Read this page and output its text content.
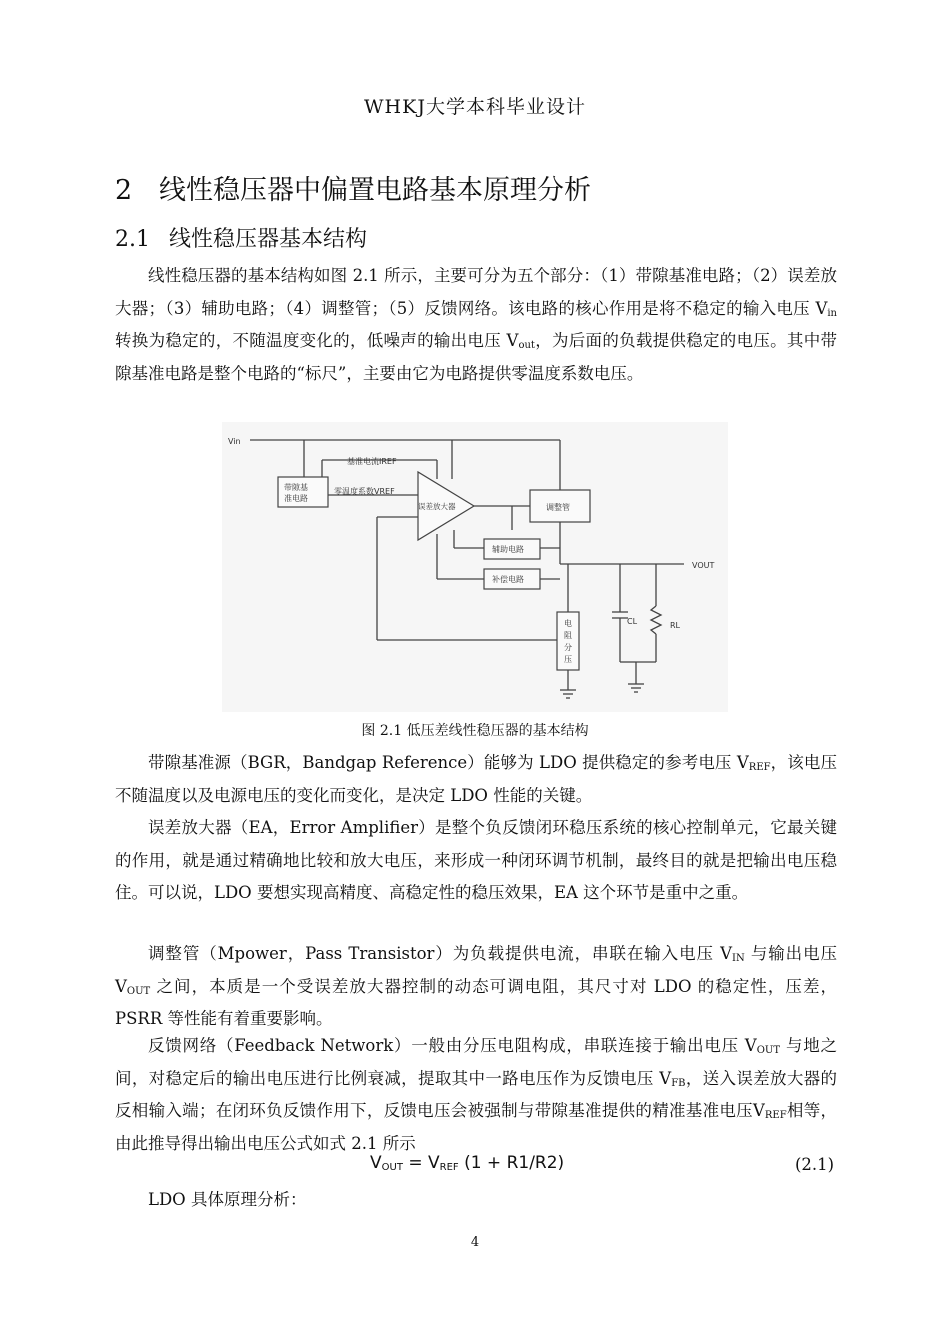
WHKJ大学本科毕业设计
2 线性稳压器中偏置电路基本原理分析
2.1 线性稳压器基本结构

线性稳压器的基本结构如图 2.1 所示，主要可分为五个部分：（1）带隙基准电路；（2）误差放大器；（3）辅助电路；（4）调整管；（5）反馈网络。该电路的核心作用是将不稳定的输入电压 $V_{in}$ 转换为稳定的，不随温度变化的，低噪声的输出电压 $V_{out}$，为后面的负载提供稳定的电压。其中带隙基准电路是整个电路的“标尺”，主要由它为电路提供零温度系数电压。

Vin
带隙基
准电路
基准电流IREF
零温度系数VREF
误差放大器	调整管
辅助电路
补偿电路
VOUT
电
阻
分
压
CL	RL
图 2.1 低压差线性稳压器的基本结构

带隙基准源（BGR，Bandgap Reference）能够为 LDO 提供稳定的参考电压 $V_{REF}$，该电压不随温度以及电源电压的变化而变化，是决定 LDO 性能的关键。

误差放大器（EA，Error Amplifier）是整个负反馈闭环稳压系统的核心控制单元，它最关键的作用，就是通过精确地比较和放大电压，来形成一种闭环调节机制，最终目的就是把输出电压稳住。可以说，LDO 要想实现高精度、高稳定性的稳压效果，EA 这个环节是重中之重。

调整管（Mpower，Pass Transistor）为负载提供电流，串联在输入电压 $V_{IN}$ 与输出电压 $V_{OUT}$ 之间，本质是一个受误差放大器控制的动态可调电阻，其尺寸对 LDO 的稳定性，压差，PSRR 等性能有着重要影响。

反馈网络（Feedback Network）一般由分压电阻构成，串联连接于输出电压 $V_{OUT}$ 与地之间，对稳定后的输出电压进行比例衰减，提取其中一路电压作为反馈电压 $V_{FB}$，送入误差放大器的反相输入端；在闭环负反馈作用下，反馈电压会被强制与带隙基准提供的精准基准电压$V_{REF}$相等，由此推导得出输出电压公式如式 2.1 所示

$V_{OUT} = V_{REF}$ (1 + R1/R2)	(2.1)

LDO 具体原理分析：

4
